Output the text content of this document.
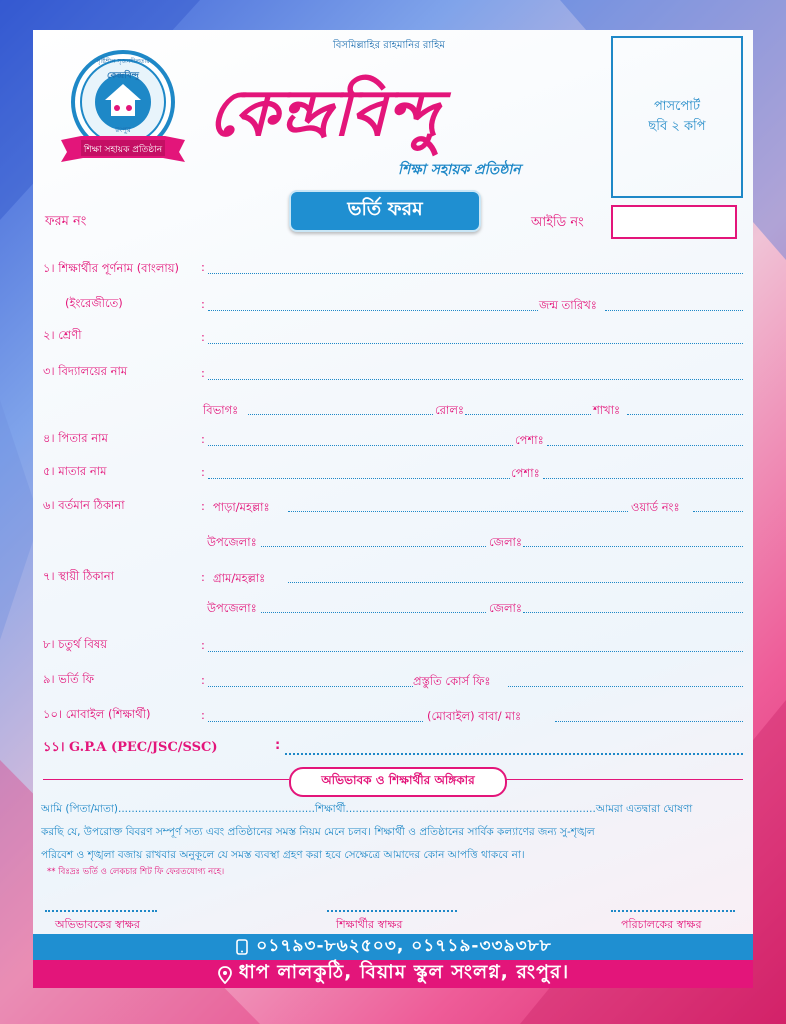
বিসমিল্লাহির রাহমানির রাহিম
সৃষ্টিশীল সৃজনশীলতার
কেন্দ্রবিন্দু
রংপুর
শিক্ষা সহায়ক প্রতিষ্ঠান কেন্দ্রবিন্দু
শিক্ষা সহায়ক প্রতিষ্ঠান
পাসপোর্ট
ছবি ২ কপি
ভর্তি ফরম
ফরম নং	আইডি নং
১। শিক্ষার্থীর পূর্ণনাম (বাংলায়) :
(ইংরেজীতে)	:	জন্ম তারিখঃ
২। শ্রেণী	:
৩। বিদ্যালয়ের নাম	:
বিভাগঃ	রোলঃ	শাখাঃ
৪। পিতার নাম	:	পেশাঃ
৫। মাতার নাম	:	পেশাঃ
৬। বর্তমান ঠিকানা	: পাড়া/মহল্লাঃ	ওয়ার্ড নংঃ
উপজেলাঃ	জেলাঃ
৭। স্থায়ী ঠিকানা	: গ্রাম/মহল্লাঃ
উপজেলাঃ	জেলাঃ
৮। চতুর্থ বিষয়	:
৯। ভর্তি ফি	:	প্রস্তুতি কোর্স ফিঃ
১০। মোবাইল (শিক্ষার্থী)	:	(মোবাইল) বাবা/ মাঃ
১১। G.P.A (PEC/JSC/SSC)	:
অভিভাবক ও শিক্ষার্থীর অঙ্গিকার
আমি (পিতা/মাতা)...........................................................শিক্ষার্থী...........................................................................আমরা এতদ্বারা ঘোষণা
করছি যে, উপরোক্ত বিবরণ সম্পূর্ণ সত্য এবং প্রতিষ্ঠানের সমস্ত নিয়ম মেনে চলব। শিক্ষার্থী ও প্রতিষ্ঠানের সার্বিক কল্যাণের জন্য সু-শৃঙ্খল
পরিবেশ ও শৃঙ্খলা বজায় রাখবার অনুকূলে যে সমস্ত ব্যবস্থা গ্রহণ করা হবে সেক্ষেত্রে আমাদের কোন আপত্তি থাকবে না।
** বিঃদ্রঃ ভর্তি ও লেকচার শিট ফি ফেরতযোগ্য নহে।
অভিভাবকের স্বাক্ষর	শিক্ষার্থীর স্বাক্ষর	পরিচালকের স্বাক্ষর
০১৭৯৩-৮৬২৫০৩, ০১৭১৯-৩৩৯৩৮৮
ধাপ লালকুঠি, বিয়াম স্কুল সংলগ্ন, রংপুর।
